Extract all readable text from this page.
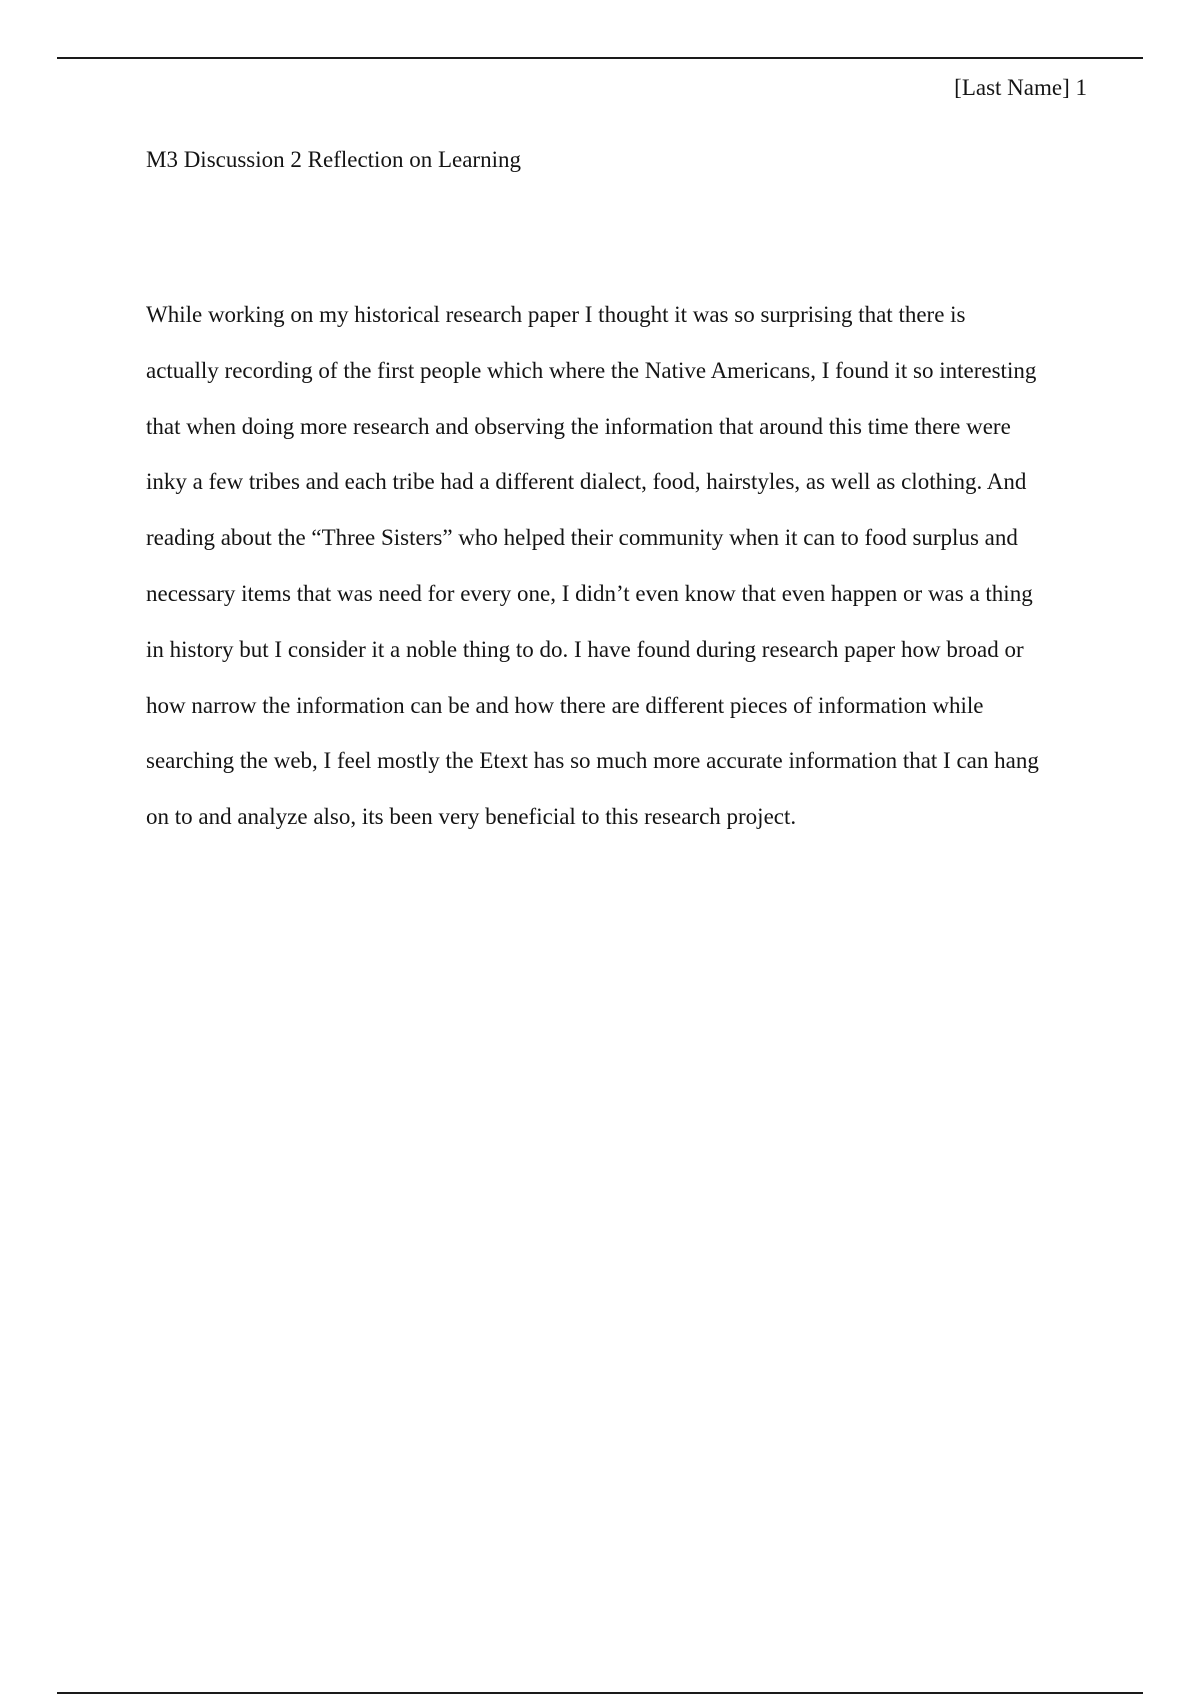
[Last Name] 1
M3 Discussion 2 Reflection on Learning
While working on my historical research paper I thought it was so surprising that there is
actually recording of the first people which where the Native Americans, I found it so interesting
that when doing more research and observing the information that around this time there were
inky a few tribes and each tribe had a different dialect, food, hairstyles, as well as clothing. And
reading about the “Three Sisters” who helped their community when it can to food surplus and
necessary items that was need for every one, I didn’t even know that even happen or was a thing
in history but I consider it a noble thing to do. I have found during research paper how broad or
how narrow the information can be and how there are different pieces of information while
searching the web, I feel mostly the Etext has so much more accurate information that I can hang
on to and analyze also, its been very beneficial to this research project.
